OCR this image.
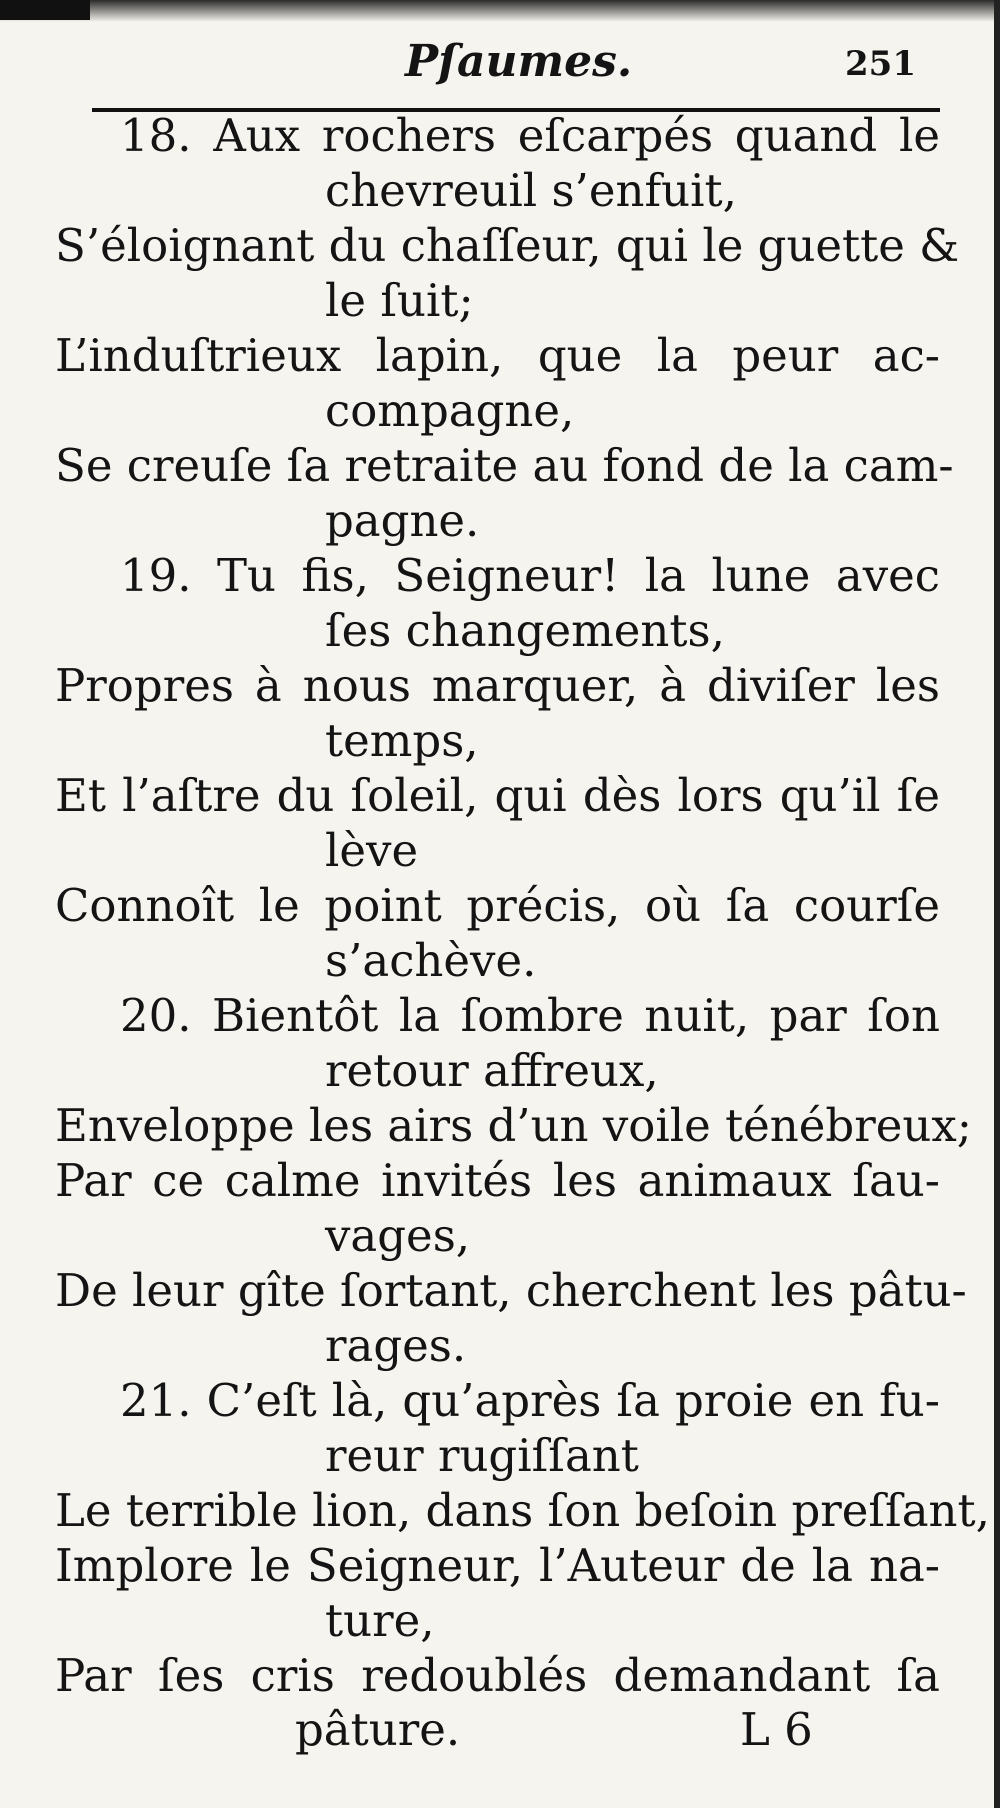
Pſaumes.	251
18. Aux rochers eſcarpés quand le
chevreuil s’enfuit,
S’éloignant du chaſſeur, qui le guette &
le ſuit;
L’induſtrieux lapin, que la peur ac-
compagne,
Se creuſe ſa retraite au fond de la cam-
pagne.
19. Tu fis, Seigneur! la lune avec
ſes changements,
Propres à nous marquer, à diviſer les
temps,
Et l’aſtre du ſoleil, qui dès lors qu’il ſe
lève
Connoît le point précis, où ſa courſe
s’achève.
20. Bientôt la ſombre nuit, par ſon
retour affreux,
Enveloppe les airs d’un voile ténébreux;
Par ce calme invités les animaux ſau-
vages,
De leur gîte ſortant, cherchent les pâtu-
rages.
21. C’eſt là, qu’après ſa proie en fu-
reur rugiſſant
Le terrible lion, dans ſon beſoin preſſant,
Implore le Seigneur, l’Auteur de la na-
ture,
Par ſes cris redoublés demandant ſa
pâture.	L 6
